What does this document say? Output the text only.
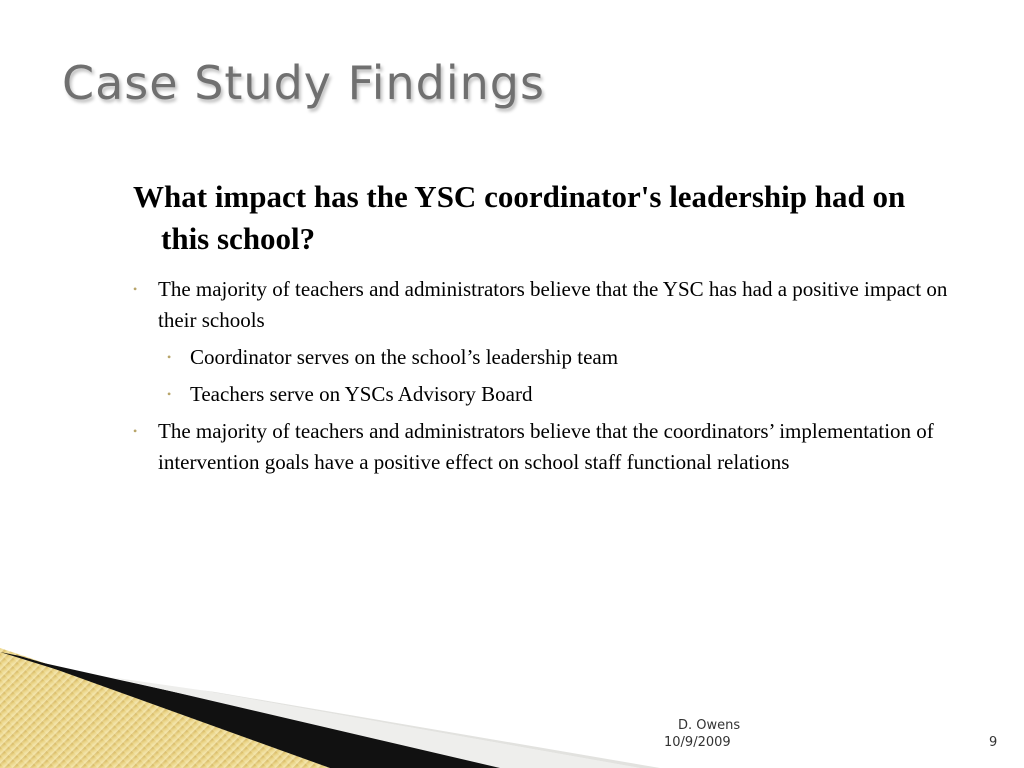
Case Study Findings

What impact has the YSC coordinator's leadership had on this school?

• The majority of teachers and administrators believe that the YSC has had a positive impact on their schools
• Coordinator serves on the school’s leadership team
• Teachers serve on YSCs Advisory Board
• The majority of teachers and administrators believe that the coordinators’ implementation of intervention goals have a positive effect on school staff functional relations
D. Owens
10/9/2009	9
